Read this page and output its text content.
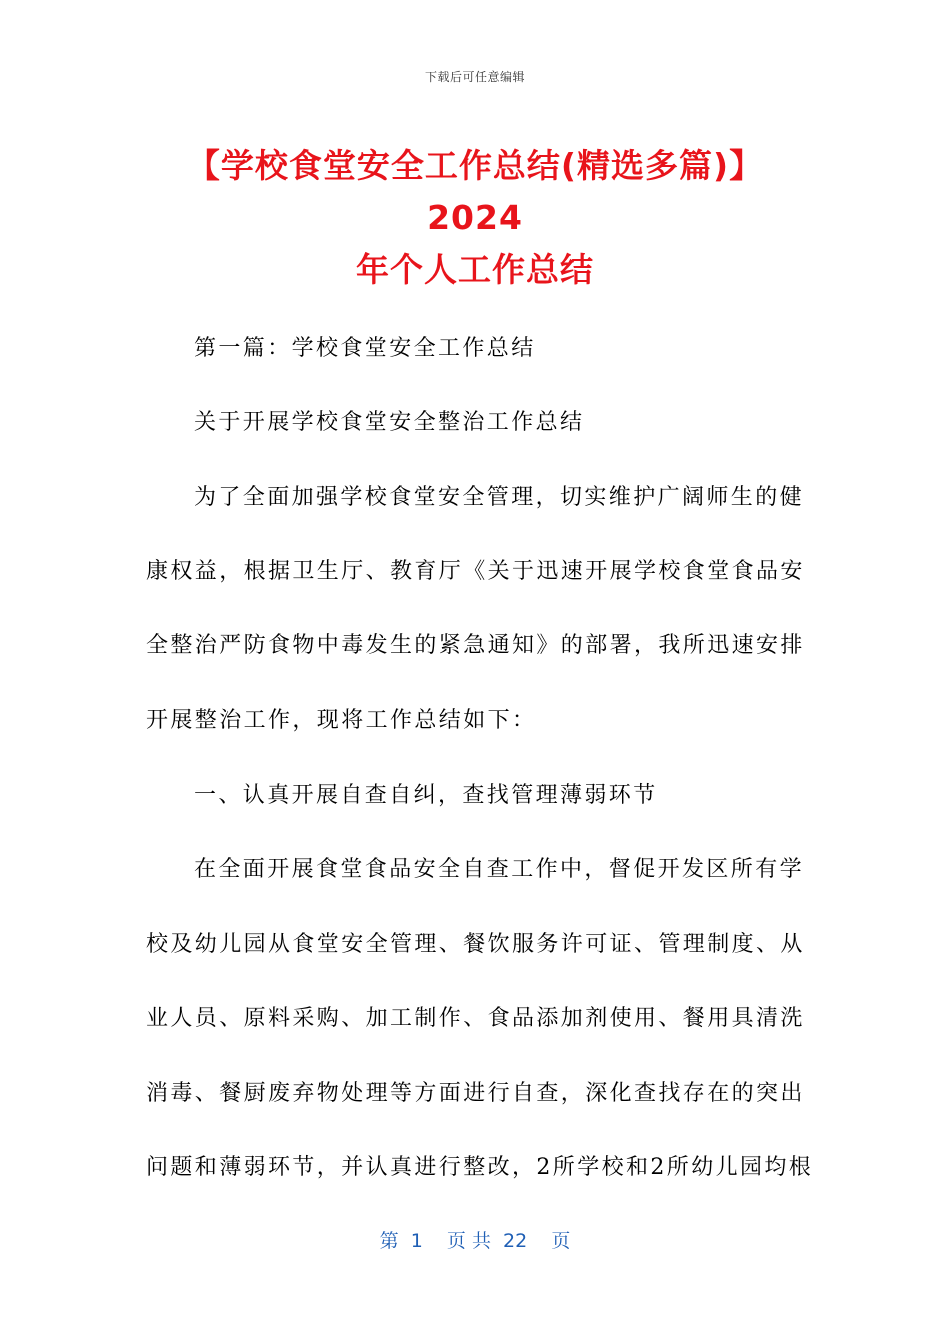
下载后可任意编辑
【学校食堂安全工作总结(精选多篇)】2024
年个人工作总结
第一篇：学校食堂安全工作总结
关于开展学校食堂安全整治工作总结
为了全面加强学校食堂安全管理，切实维护广阔师生的健
康权益，根据卫生厅、教育厅《关于迅速开展学校食堂食品安
全整治严防食物中毒发生的紧急通知》的部署，我所迅速安排
开展整治工作，现将工作总结如下：
一、认真开展自查自纠，查找管理薄弱环节
在全面开展食堂食品安全自查工作中，督促开发区所有学
校及幼儿园从食堂安全管理、餐饮服务许可证、管理制度、从
业人员、原料采购、加工制作、食品添加剂使用、餐用具清洗
消毒、餐厨废弃物处理等方面进行自查，深化查找存在的突出
问题和薄弱环节，并认真进行整改，2所学校和2所幼儿园均根
第  1    页 共  22    页
